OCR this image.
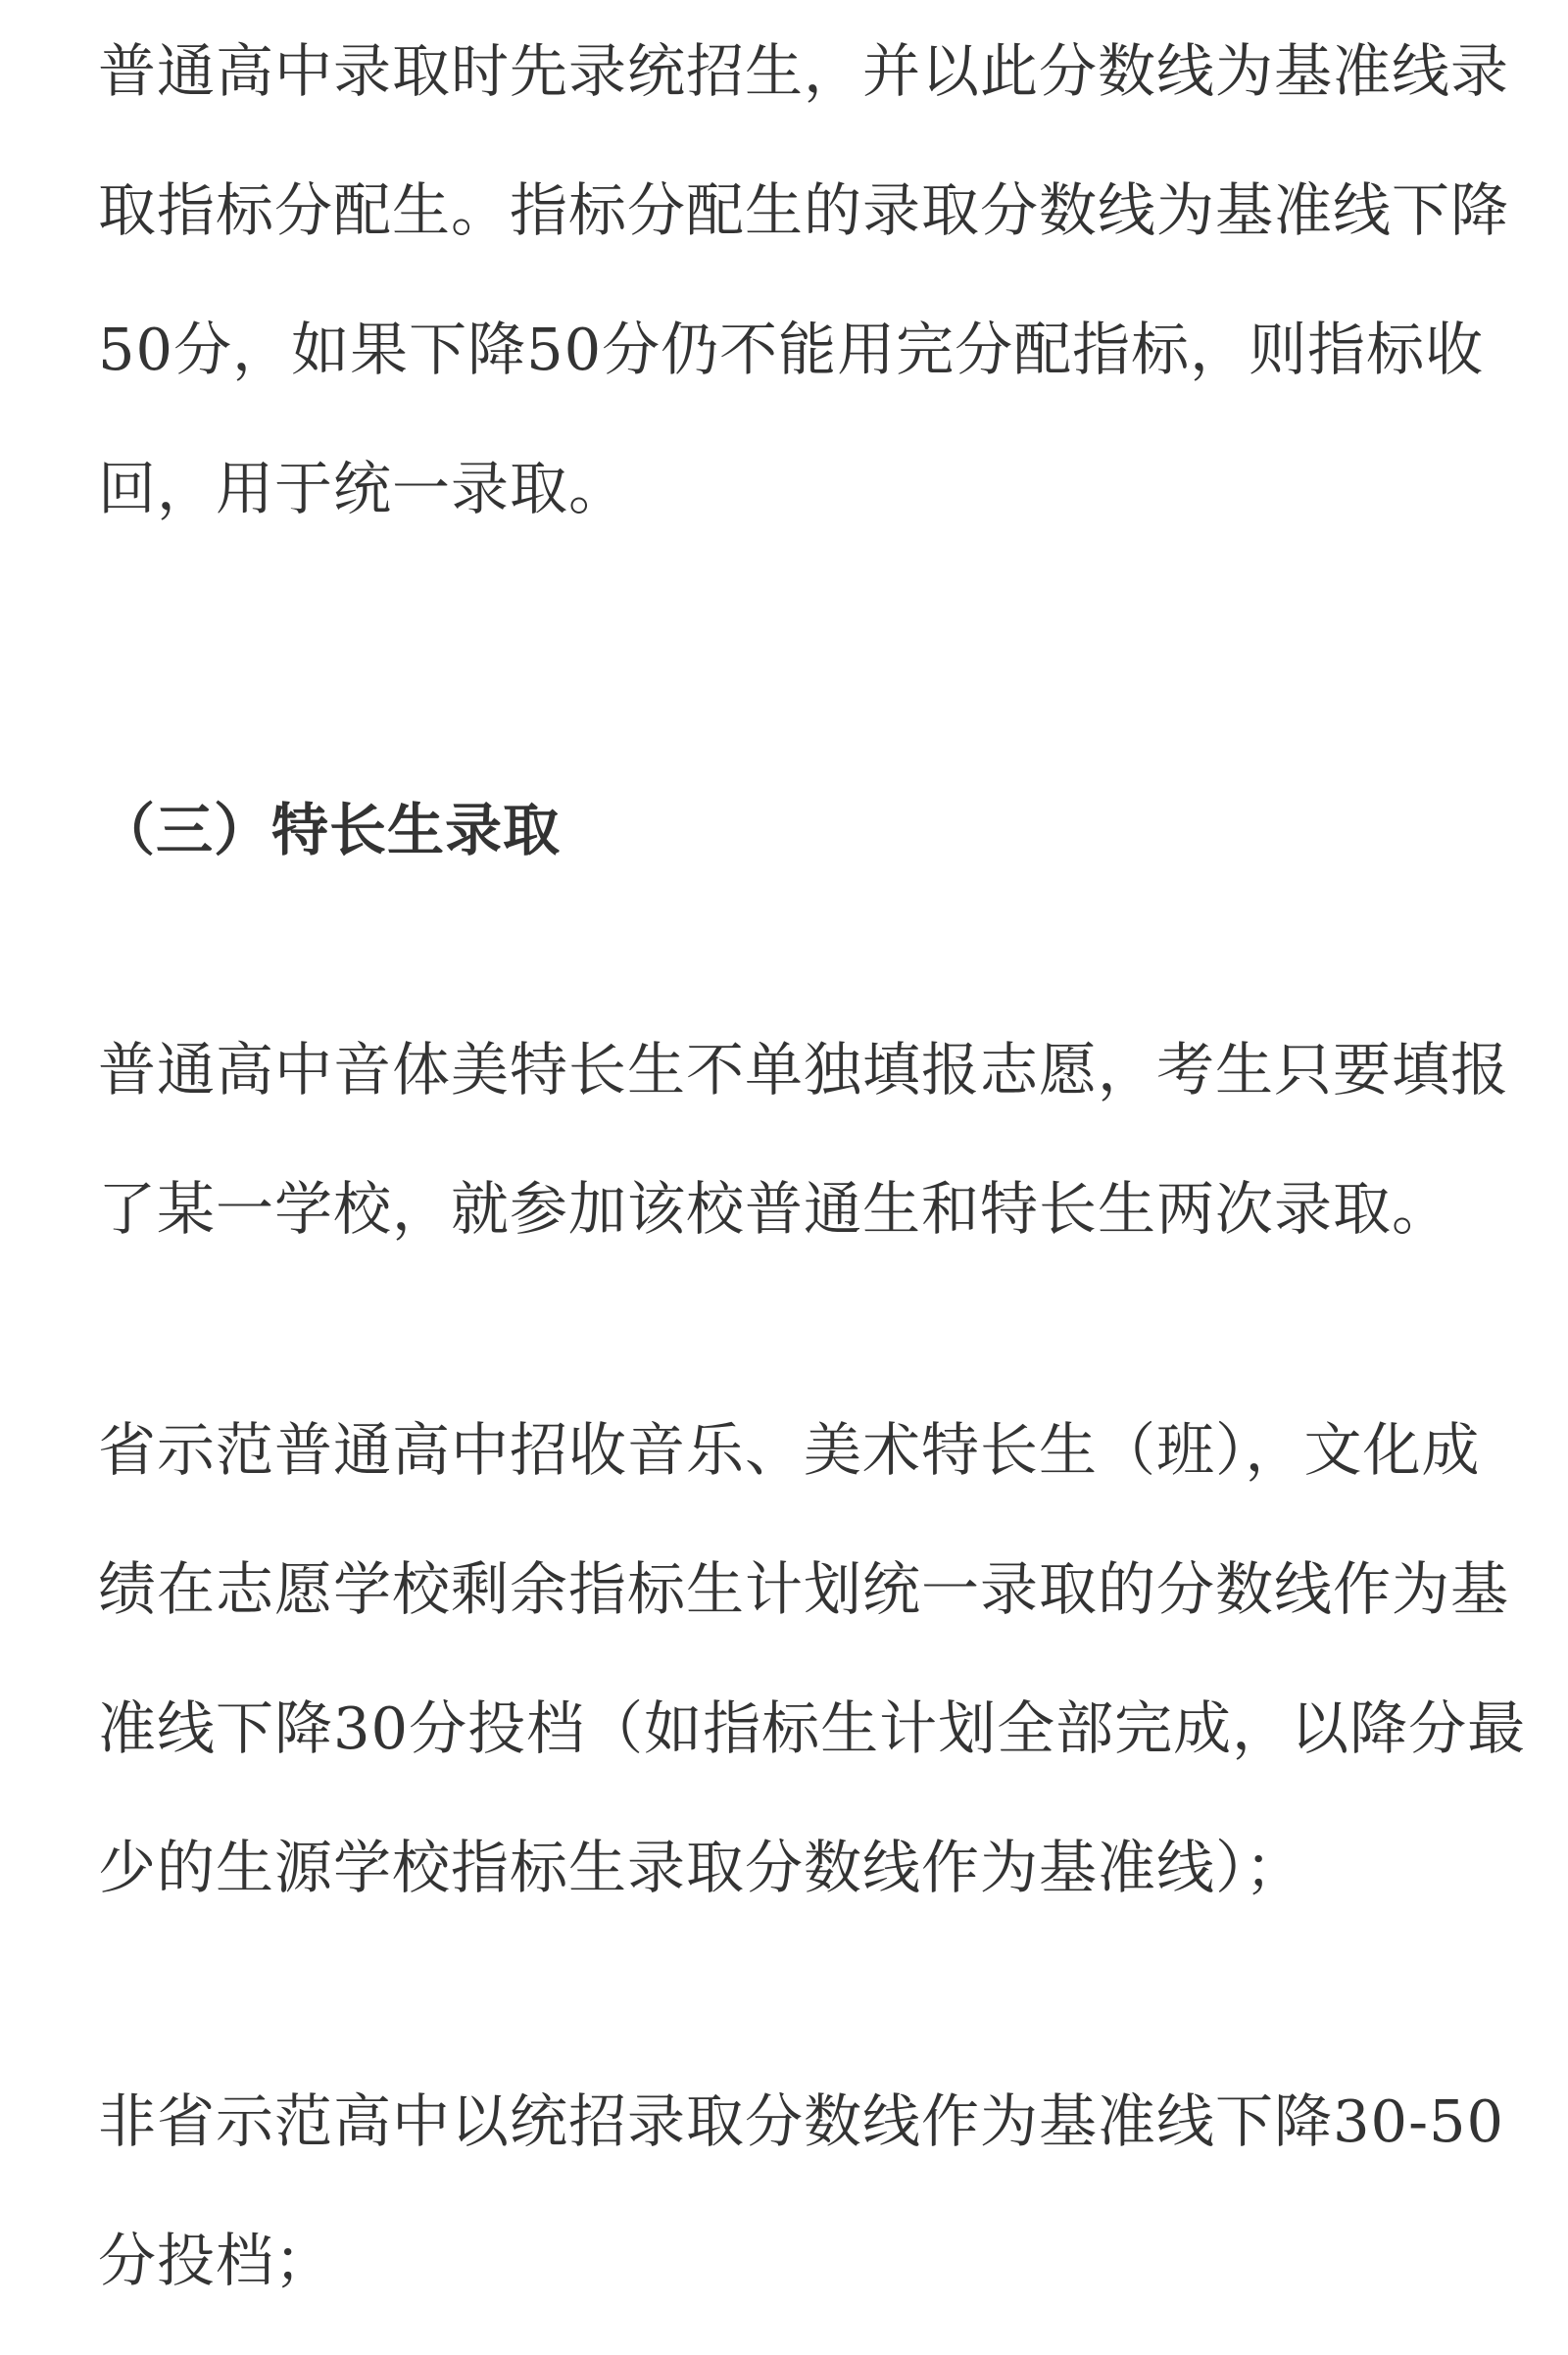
普通高中录取时先录统招生，并以此分数线为基准线录
取指标分配生。指标分配生的录取分数线为基准线下降
50分，如果下降50分仍不能用完分配指标，则指标收
回，用于统一录取。
（三）特长生录取
普通高中音体美特长生不单独填报志愿，考生只要填报
了某一学校，就参加该校普通生和特长生两次录取。
省示范普通高中招收音乐、美术特长生（班），文化成
绩在志愿学校剩余指标生计划统一录取的分数线作为基
准线下降30分投档（如指标生计划全部完成，以降分最
少的生源学校指标生录取分数线作为基准线）；
非省示范高中以统招录取分数线作为基准线下降30-50
分投档；
